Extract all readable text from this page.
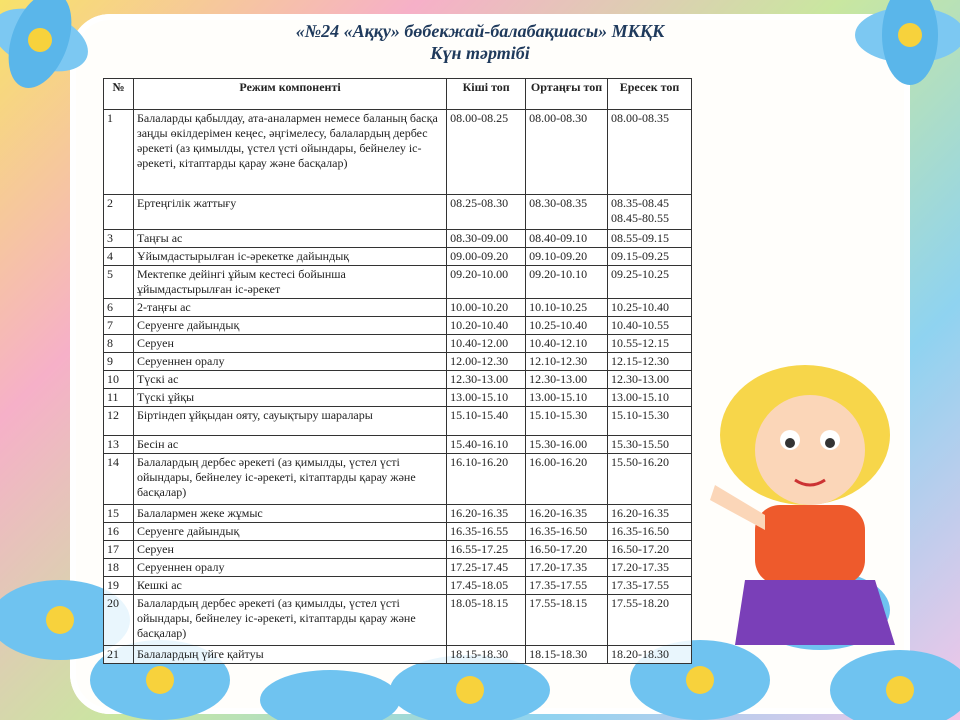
«№24 «Аққу» бөбекжай-балабақшасы» МКҚК
Күн тәртібі
№	Режим компоненті	Кіші топ	Ортаңғы топ	Ересек топ
1	Балаларды қабылдау, ата-аналармен немесе баланың басқа заңды өкілдерімен кеңес, әңгімелесу, балалардың дербес әрекеті (аз қимылды, үстел үсті ойындары, бейнелеу іс-әрекеті, кітаптарды қарау және басқалар)	08.00-08.25	08.00-08.30	08.00-08.35
2	Ертеңгілік жаттығу	08.25-08.30	08.30-08.35	08.35-08.45
08.45-80.55
3	Таңғы ас	08.30-09.00	08.40-09.10	08.55-09.15
4	Ұйымдастырылған іс-әрекетке дайындық	09.00-09.20	09.10-09.20	09.15-09.25
5	Мектепке дейінгі ұйым кестесі бойынша ұйымдастырылған іс-әрекет	09.20-10.00	09.20-10.10	09.25-10.25
6	2-таңғы ас	10.00-10.20	10.10-10.25	10.25-10.40
7	Серуенге дайындық	10.20-10.40	10.25-10.40	10.40-10.55
8	Серуен	10.40-12.00	10.40-12.10	10.55-12.15
9	Серуеннен оралу	12.00-12.30	12.10-12.30	12.15-12.30
10	Түскі ас	12.30-13.00	12.30-13.00	12.30-13.00
11	Түскі ұйқы	13.00-15.10	13.00-15.10	13.00-15.10
12	Біртіндеп ұйқыдан ояту, сауықтыру шаралары	15.10-15.40	15.10-15.30	15.10-15.30
13	Бесін ас	15.40-16.10	15.30-16.00	15.30-15.50
14	Балалардың дербес әрекеті (аз қимылды, үстел үсті ойындары, бейнелеу іс-әрекеті, кітаптарды қарау және басқалар)	16.10-16.20	16.00-16.20	15.50-16.20
15	Балалармен жеке жұмыс	16.20-16.35	16.20-16.35	16.20-16.35
16	Серуенге дайындық	16.35-16.55	16.35-16.50	16.35-16.50
17	Серуен	16.55-17.25	16.50-17.20	16.50-17.20
18	Серуеннен оралу	17.25-17.45	17.20-17.35	17.20-17.35
19	Кешкі ас	17.45-18.05	17.35-17.55	17.35-17.55
20	Балалардың дербес әрекеті (аз қимылды, үстел үсті ойындары, бейнелеу іс-әрекеті, кітаптарды қарау және басқалар)	18.05-18.15	17.55-18.15	17.55-18.20
21	Балалардың үйге қайтуы	18.15-18.30	18.15-18.30	18.20-18.30
